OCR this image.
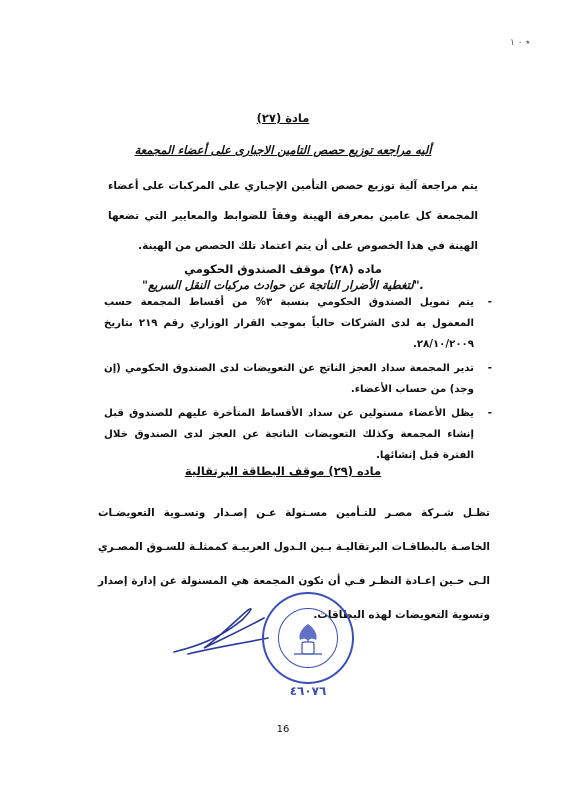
٭ ٠ ١
مادة (٢٧)
أليه مراجعه توزيع حصص التامين الاجبارى على أعضاء المجمعة

يتم مراجعة آلية توزيع حصص التأمين الإجباري على المركبات على أعضاء المجمعة كل عامين بمعرفة الهينة وفقاً للضوابط والمعايير التي تضعها الهينة في هذا الخصوص على أن يتم اعتماد تلك الحصص من الهينة.

ماده (٢٨) موقف الصندوق الحكومي
"لتغطية الأضرار الناتجة عن حوادث مركبات النقل السريع".
- يتم تمويل الصندوق الحكومي بنسبة ٣% من أقساط المجمعة حسب المعمول به لدى الشركات حالياً بموجب القرار الوزاري رقم ٢١٩ بتاريخ ٢٨/١٠/٢٠٠٩.
- تدير المجمعة سداد العجز الناتج عن التعويضات لدى الصندوق الحكومي (إن وجد) من حساب الأعضاء.
- يظل الأعضاء مسنولين عن سداد الأقساط المتأخرة عليهم للصندوق قبل إنشاء المجمعة وكذلك التعويضات الناتجة عن العجز لدى الصندوق خلال الفترة قبل إنشائها.
ماده (٢٩) موقف البطاقة البرتقالية

تظـل شـركة مصـر للتـأمين مسـنولة عـن إصـدار وتسـوية التعويضـات الخاصـة بالبطاقـات البرتقاليـة بـين الـدول العربيـة كممثلـة للسـوق المصـري الـى حـين إعـادة النظـر فـي أن تكون المجمعة هي المسنولة عن إدارة إصدار وتسوية التعويضات لهذه البطاقات.

٤٦٠٧٦
16
